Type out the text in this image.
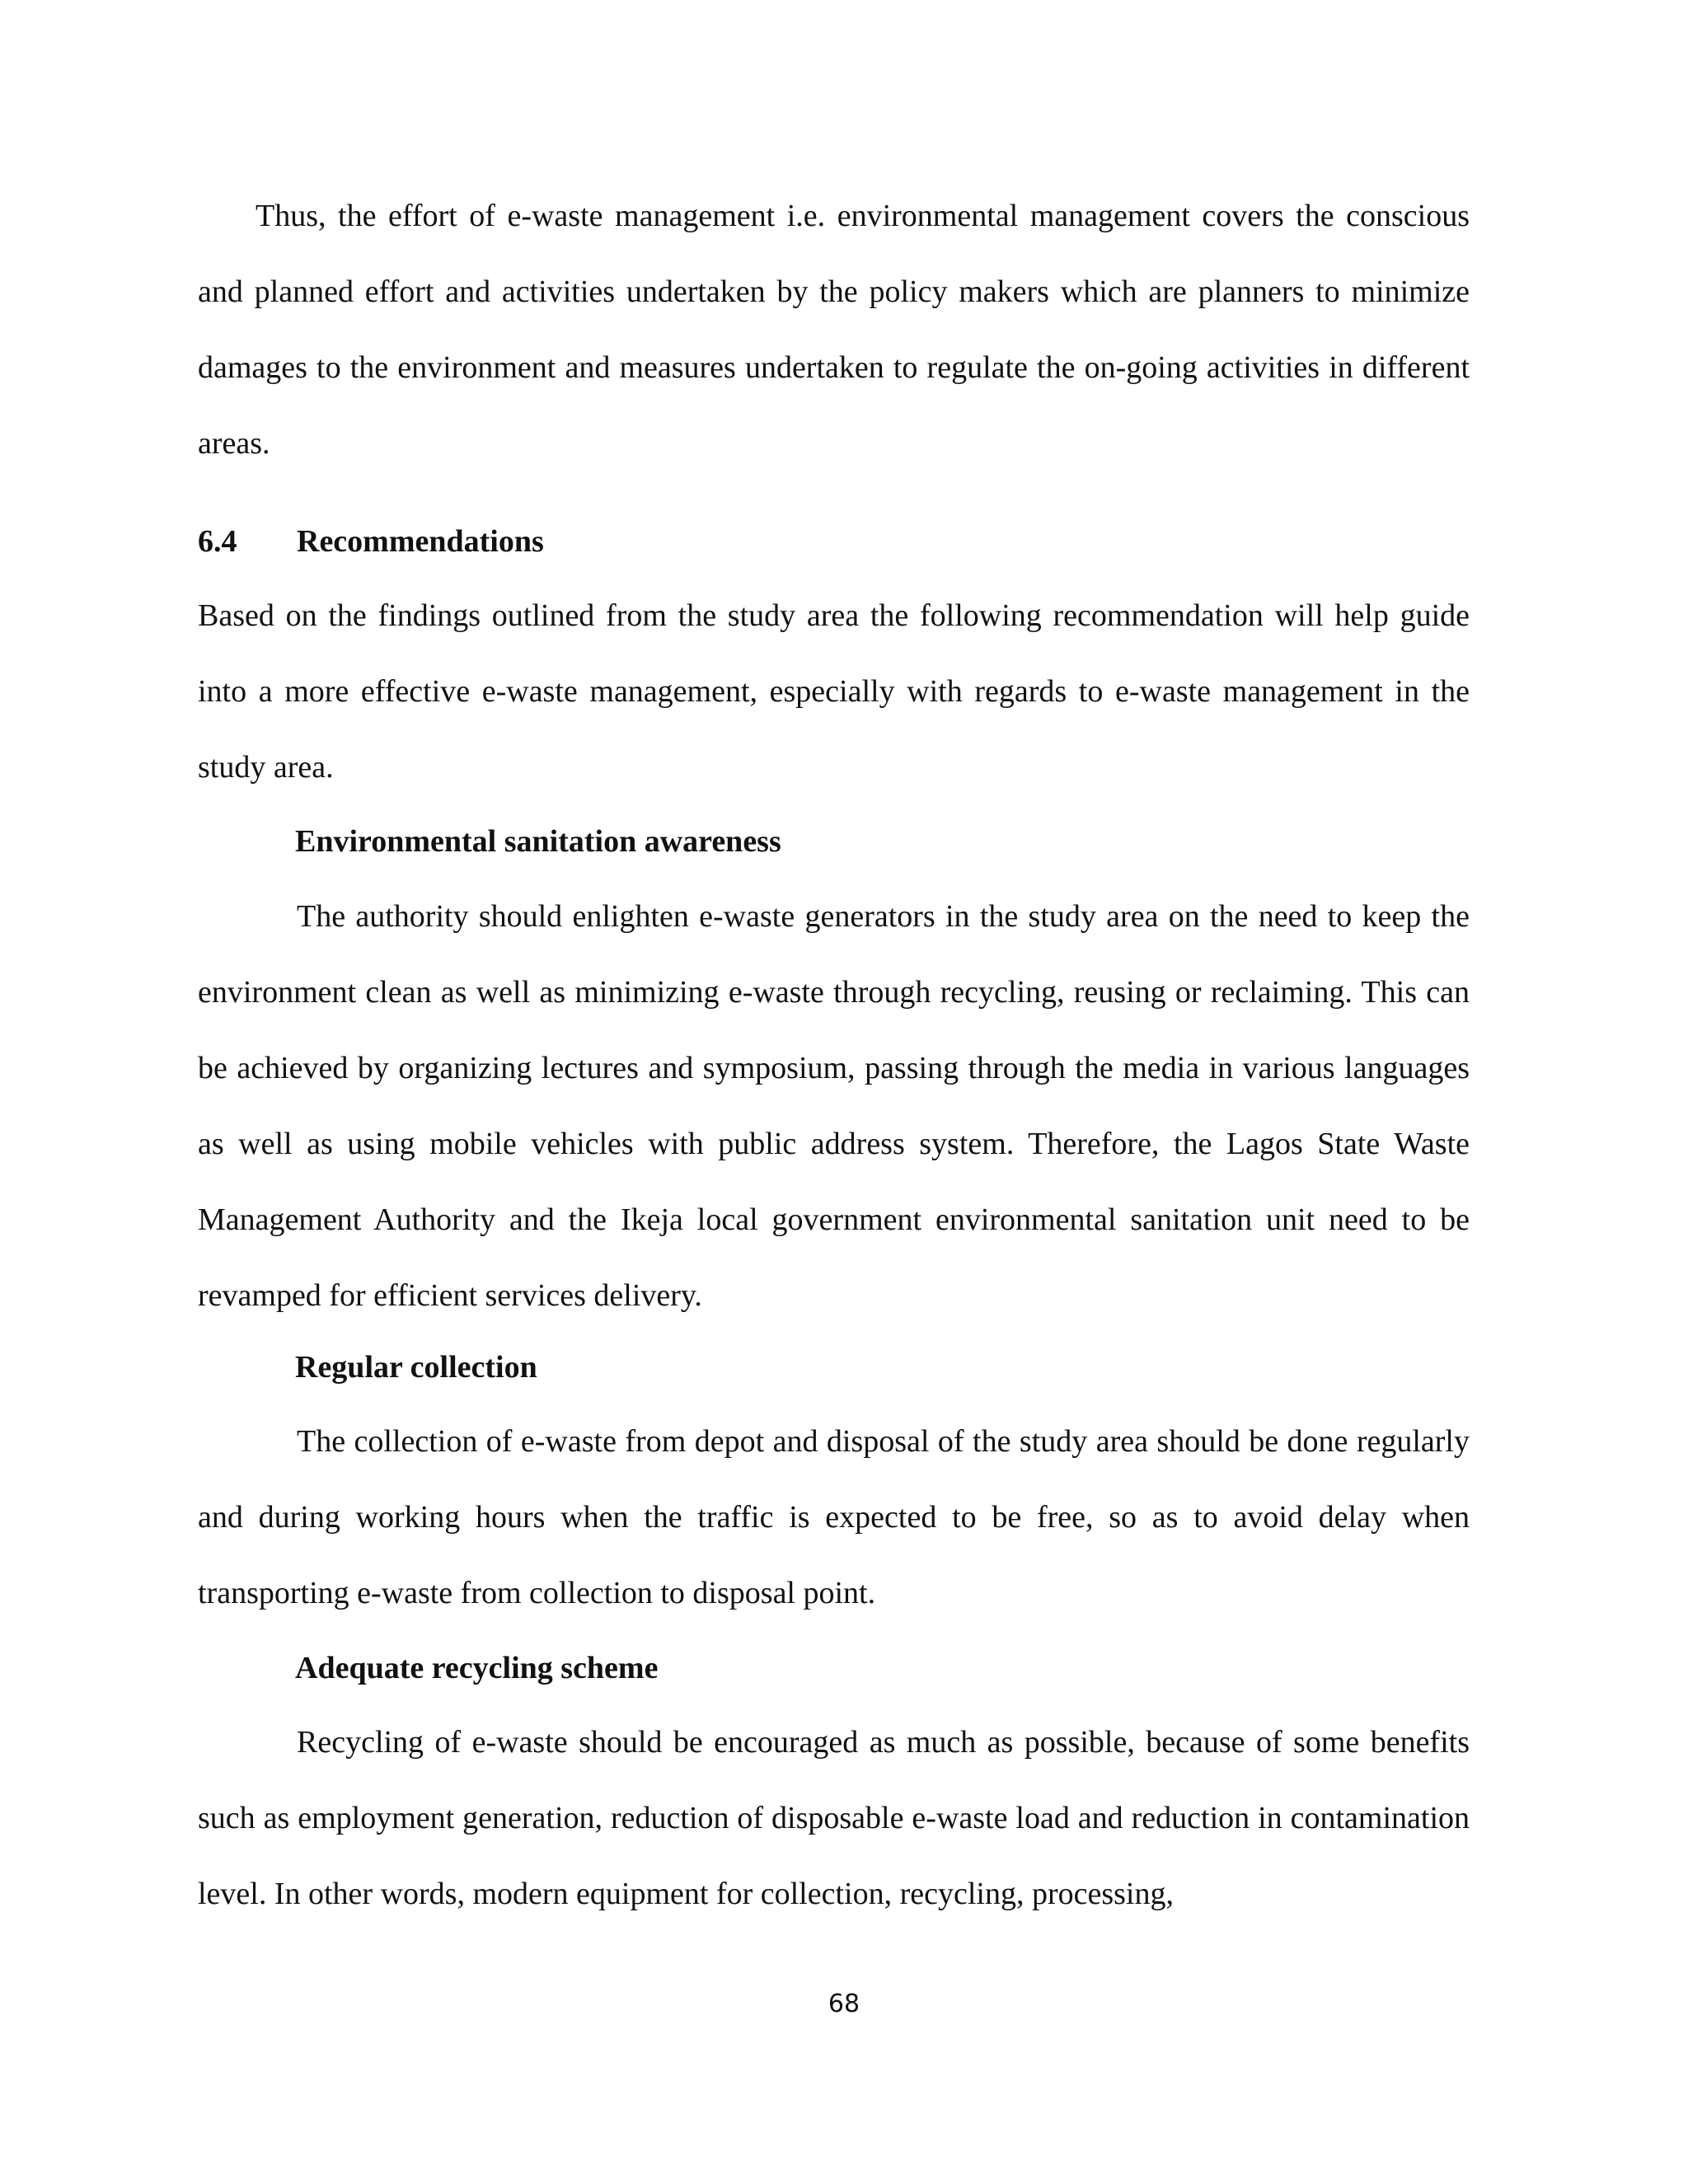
Thus, the effort of e-waste management i.e. environmental management covers the conscious and planned effort and activities undertaken by the policy makers which are planners to minimize damages to the environment and measures undertaken to regulate the on-going activities in different areas.

6.4 Recommendations

Based on the findings outlined from the study area the following recommendation will help guide into a more effective e-waste management, especially with regards to e-waste management in the study area.

Environmental sanitation awareness

The authority should enlighten e-waste generators in the study area on the need to keep the environment clean as well as minimizing e-waste through recycling, reusing or reclaiming. This can be achieved by organizing lectures and symposium, passing through the media in various languages as well as using mobile vehicles with public address system. Therefore, the Lagos State Waste Management Authority and the Ikeja local government environmental sanitation unit need to be revamped for efficient services delivery.

Regular collection

The collection of e-waste from depot and disposal of the study area should be done regularly and during working hours when the traffic is expected to be free, so as to avoid delay when transporting e-waste from collection to disposal point.

Adequate recycling scheme

Recycling of e-waste should be encouraged as much as possible, because of some benefits such as employment generation, reduction of disposable e-waste load and reduction in contamination level. In other words, modern equipment for collection, recycling, processing,

68
